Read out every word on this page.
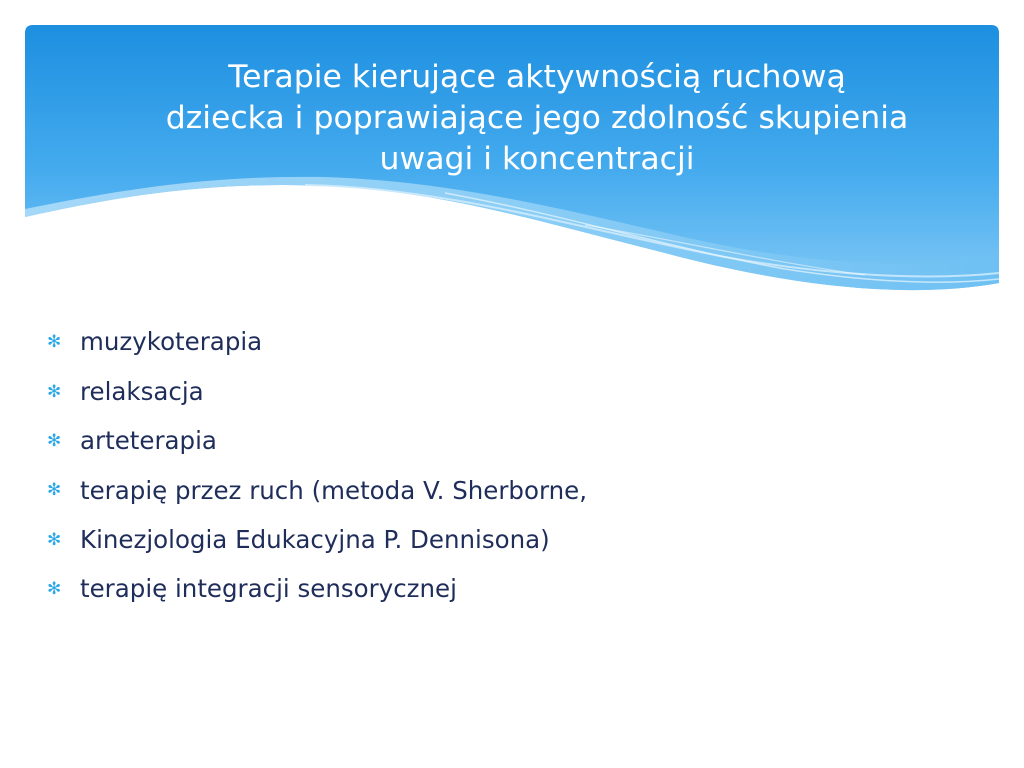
Terapie kierujące aktywnością ruchową
dziecka i poprawiające jego zdolność skupienia
uwagi i koncentracji
✻ muzykoterapia
✻ relaksacja
✻ arteterapia
✻ terapię przez ruch (metoda V. Sherborne,
✻ Kinezjologia Edukacyjna P. Dennisona)
✻ terapię integracji sensorycznej
